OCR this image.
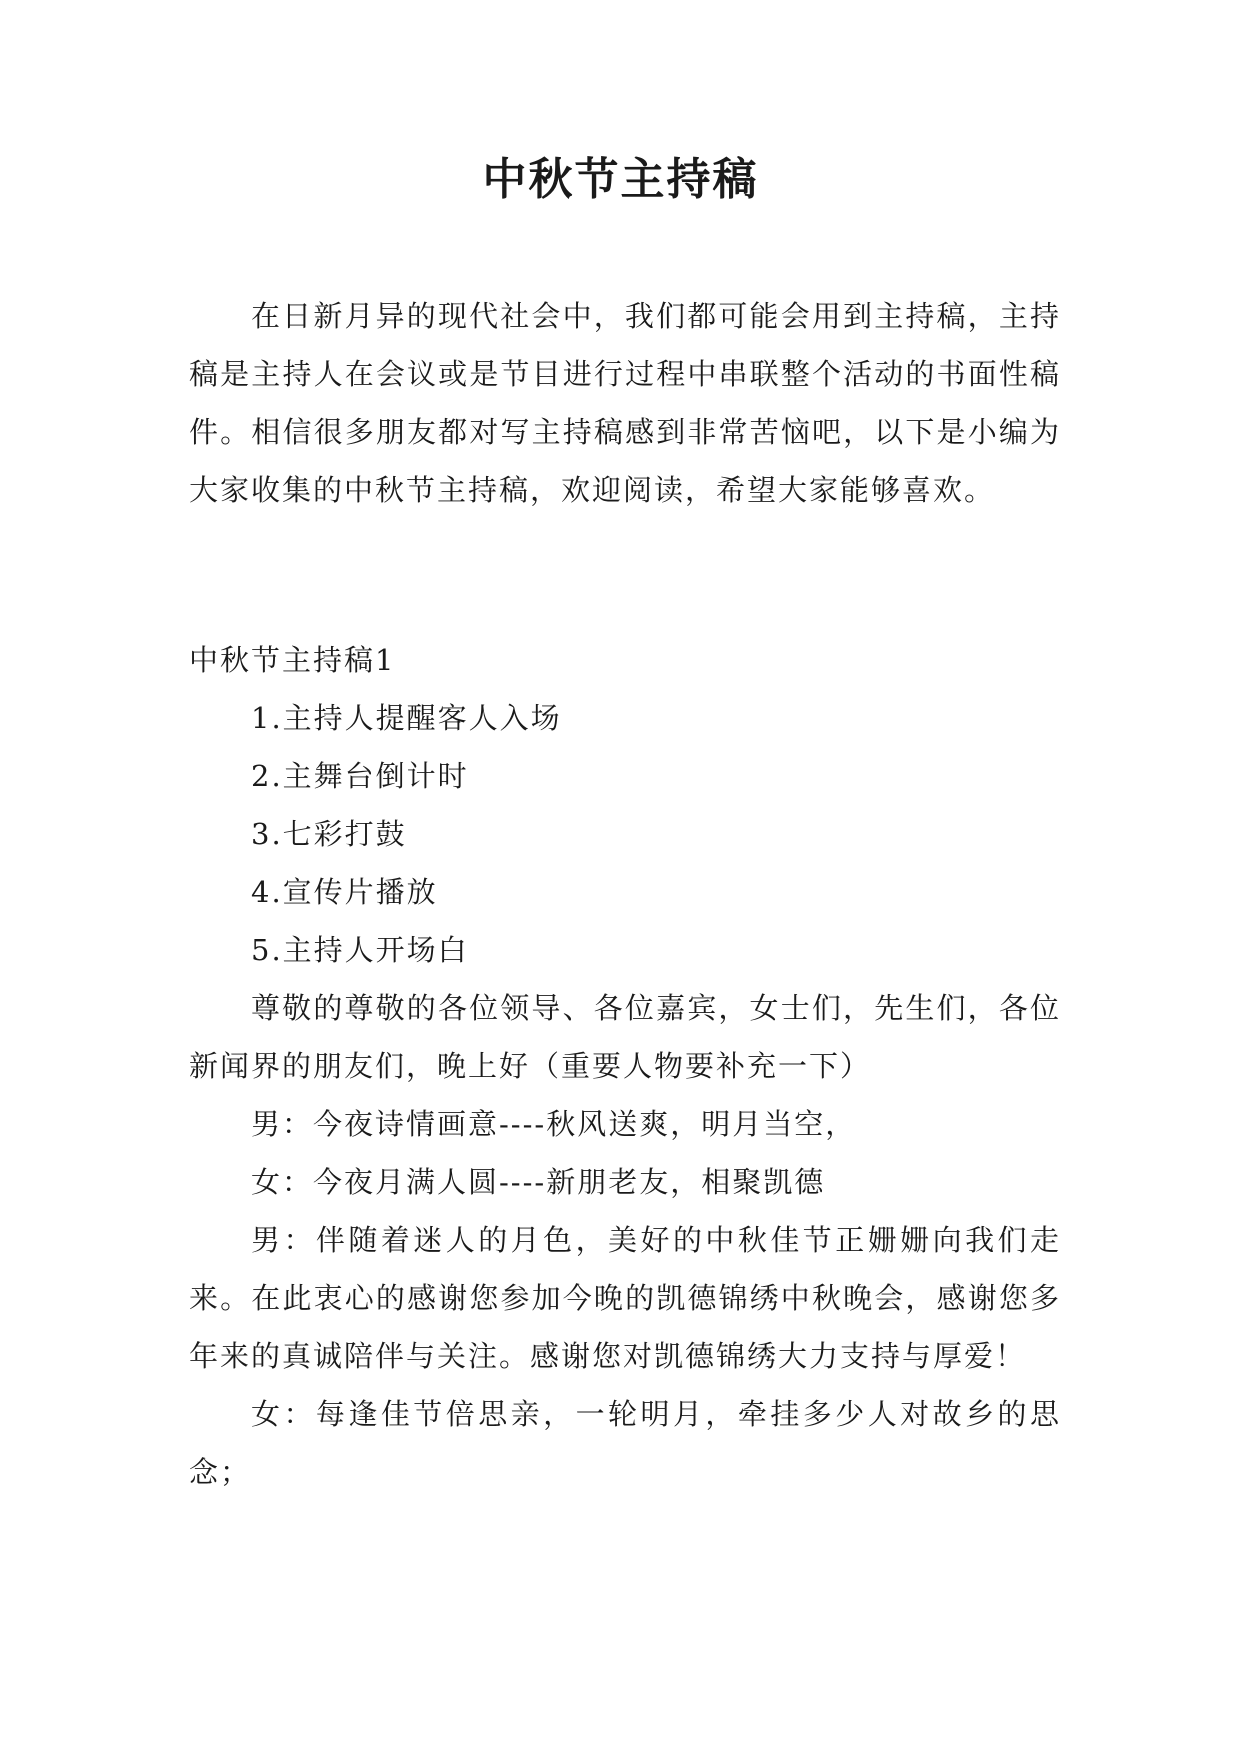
中秋节主持稿

在日新月异的现代社会中，我们都可能会用到主持稿，主持稿是主持人在会议或是节目进行过程中串联整个活动的书面性稿件。相信很多朋友都对写主持稿感到非常苦恼吧，以下是小编为大家收集的中秋节主持稿，欢迎阅读，希望大家能够喜欢。

中秋节主持稿1

1.主持人提醒客人入场

2.主舞台倒计时

3.七彩打鼓

4.宣传片播放

5.主持人开场白

尊敬的尊敬的各位领导、各位嘉宾，女士们，先生们，各位新闻界的朋友们，晚上好（重要人物要补充一下）

男：今夜诗情画意----秋风送爽，明月当空，

女：今夜月满人圆----新朋老友，相聚凯德

男：伴随着迷人的月色，美好的中秋佳节正姗姗向我们走来。在此衷心的感谢您参加今晚的凯德锦绣中秋晚会，感谢您多年来的真诚陪伴与关注。感谢您对凯德锦绣大力支持与厚爱！

女：每逢佳节倍思亲，一轮明月，牵挂多少人对故乡的思念；
